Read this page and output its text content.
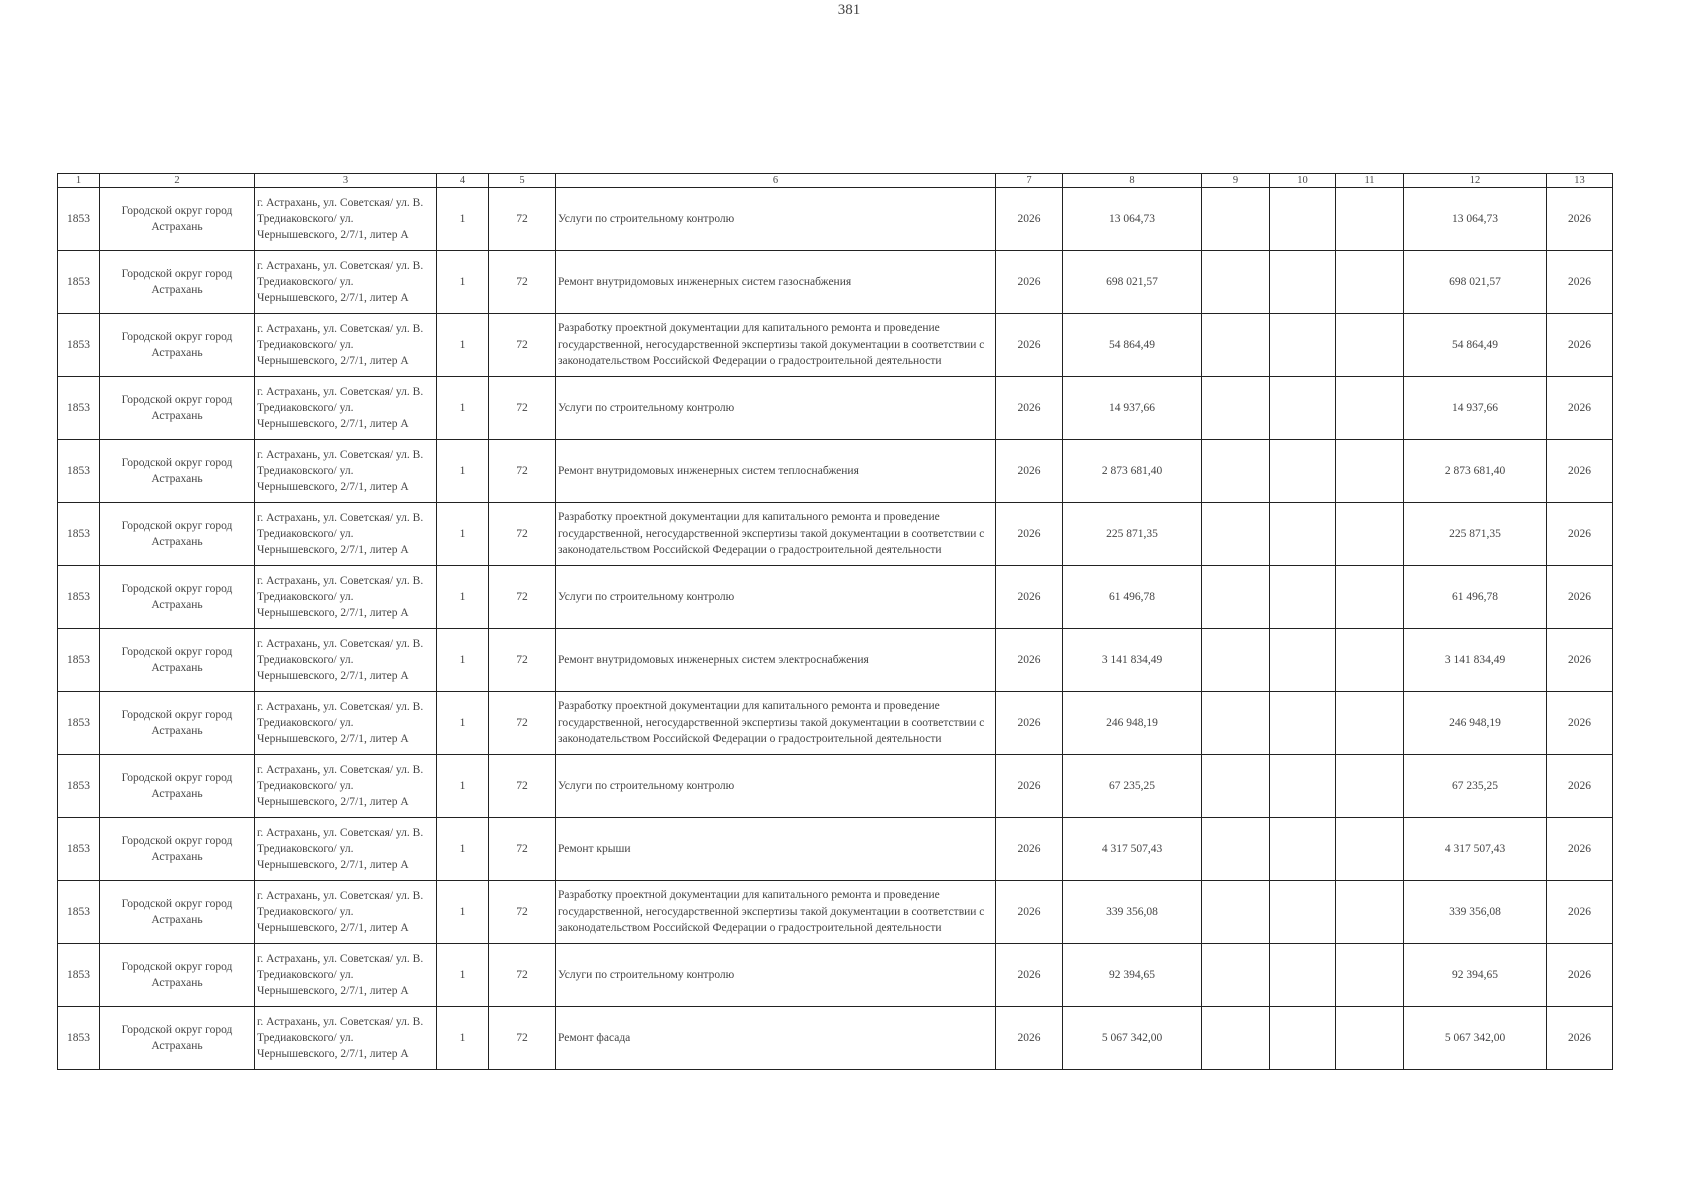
381
1	2	3	4	5	6	7	8	9	10	11	12	13
1853	Городской округ город Астрахань	г. Астрахань, ул. Советская/ ул. В. Тредиаковского/ ул. Чернышевского, 2/7/1, литер А	1	72	Услуги по строительному контролю	2026	13 064,73				13 064,73	2026
1853	Городской округ город Астрахань	г. Астрахань, ул. Советская/ ул. В. Тредиаковского/ ул. Чернышевского, 2/7/1, литер А	1	72	Ремонт внутридомовых инженерных систем газоснабжения	2026	698 021,57				698 021,57	2026
1853	Городской округ город Астрахань	г. Астрахань, ул. Советская/ ул. В. Тредиаковского/ ул. Чернышевского, 2/7/1, литер А	1	72	Разработку проектной документации для капитального ремонта и проведение государственной, негосударственной экспертизы такой документации в соответствии с законодательством Российской Федерации о градостроительной деятельности	2026	54 864,49				54 864,49	2026
1853	Городской округ город Астрахань	г. Астрахань, ул. Советская/ ул. В. Тредиаковского/ ул. Чернышевского, 2/7/1, литер А	1	72	Услуги по строительному контролю	2026	14 937,66				14 937,66	2026
1853	Городской округ город Астрахань	г. Астрахань, ул. Советская/ ул. В. Тредиаковского/ ул. Чернышевского, 2/7/1, литер А	1	72	Ремонт внутридомовых инженерных систем теплоснабжения	2026	2 873 681,40				2 873 681,40	2026
1853	Городской округ город Астрахань	г. Астрахань, ул. Советская/ ул. В. Тредиаковского/ ул. Чернышевского, 2/7/1, литер А	1	72	Разработку проектной документации для капитального ремонта и проведение государственной, негосударственной экспертизы такой документации в соответствии с законодательством Российской Федерации о градостроительной деятельности	2026	225 871,35				225 871,35	2026
1853	Городской округ город Астрахань	г. Астрахань, ул. Советская/ ул. В. Тредиаковского/ ул. Чернышевского, 2/7/1, литер А	1	72	Услуги по строительному контролю	2026	61 496,78				61 496,78	2026
1853	Городской округ город Астрахань	г. Астрахань, ул. Советская/ ул. В. Тредиаковского/ ул. Чернышевского, 2/7/1, литер А	1	72	Ремонт внутридомовых инженерных систем электроснабжения	2026	3 141 834,49				3 141 834,49	2026
1853	Городской округ город Астрахань	г. Астрахань, ул. Советская/ ул. В. Тредиаковского/ ул. Чернышевского, 2/7/1, литер А	1	72	Разработку проектной документации для капитального ремонта и проведение государственной, негосударственной экспертизы такой документации в соответствии с законодательством Российской Федерации о градостроительной деятельности	2026	246 948,19				246 948,19	2026
1853	Городской округ город Астрахань	г. Астрахань, ул. Советская/ ул. В. Тредиаковского/ ул. Чернышевского, 2/7/1, литер А	1	72	Услуги по строительному контролю	2026	67 235,25				67 235,25	2026
1853	Городской округ город Астрахань	г. Астрахань, ул. Советская/ ул. В. Тредиаковского/ ул. Чернышевского, 2/7/1, литер А	1	72	Ремонт крыши	2026	4 317 507,43				4 317 507,43	2026
1853	Городской округ город Астрахань	г. Астрахань, ул. Советская/ ул. В. Тредиаковского/ ул. Чернышевского, 2/7/1, литер А	1	72	Разработку проектной документации для капитального ремонта и проведение государственной, негосударственной экспертизы такой документации в соответствии с законодательством Российской Федерации о градостроительной деятельности	2026	339 356,08				339 356,08	2026
1853	Городской округ город Астрахань	г. Астрахань, ул. Советская/ ул. В. Тредиаковского/ ул. Чернышевского, 2/7/1, литер А	1	72	Услуги по строительному контролю	2026	92 394,65				92 394,65	2026
1853	Городской округ город Астрахань	г. Астрахань, ул. Советская/ ул. В. Тредиаковского/ ул. Чернышевского, 2/7/1, литер А	1	72	Ремонт фасада	2026	5 067 342,00				5 067 342,00	2026
